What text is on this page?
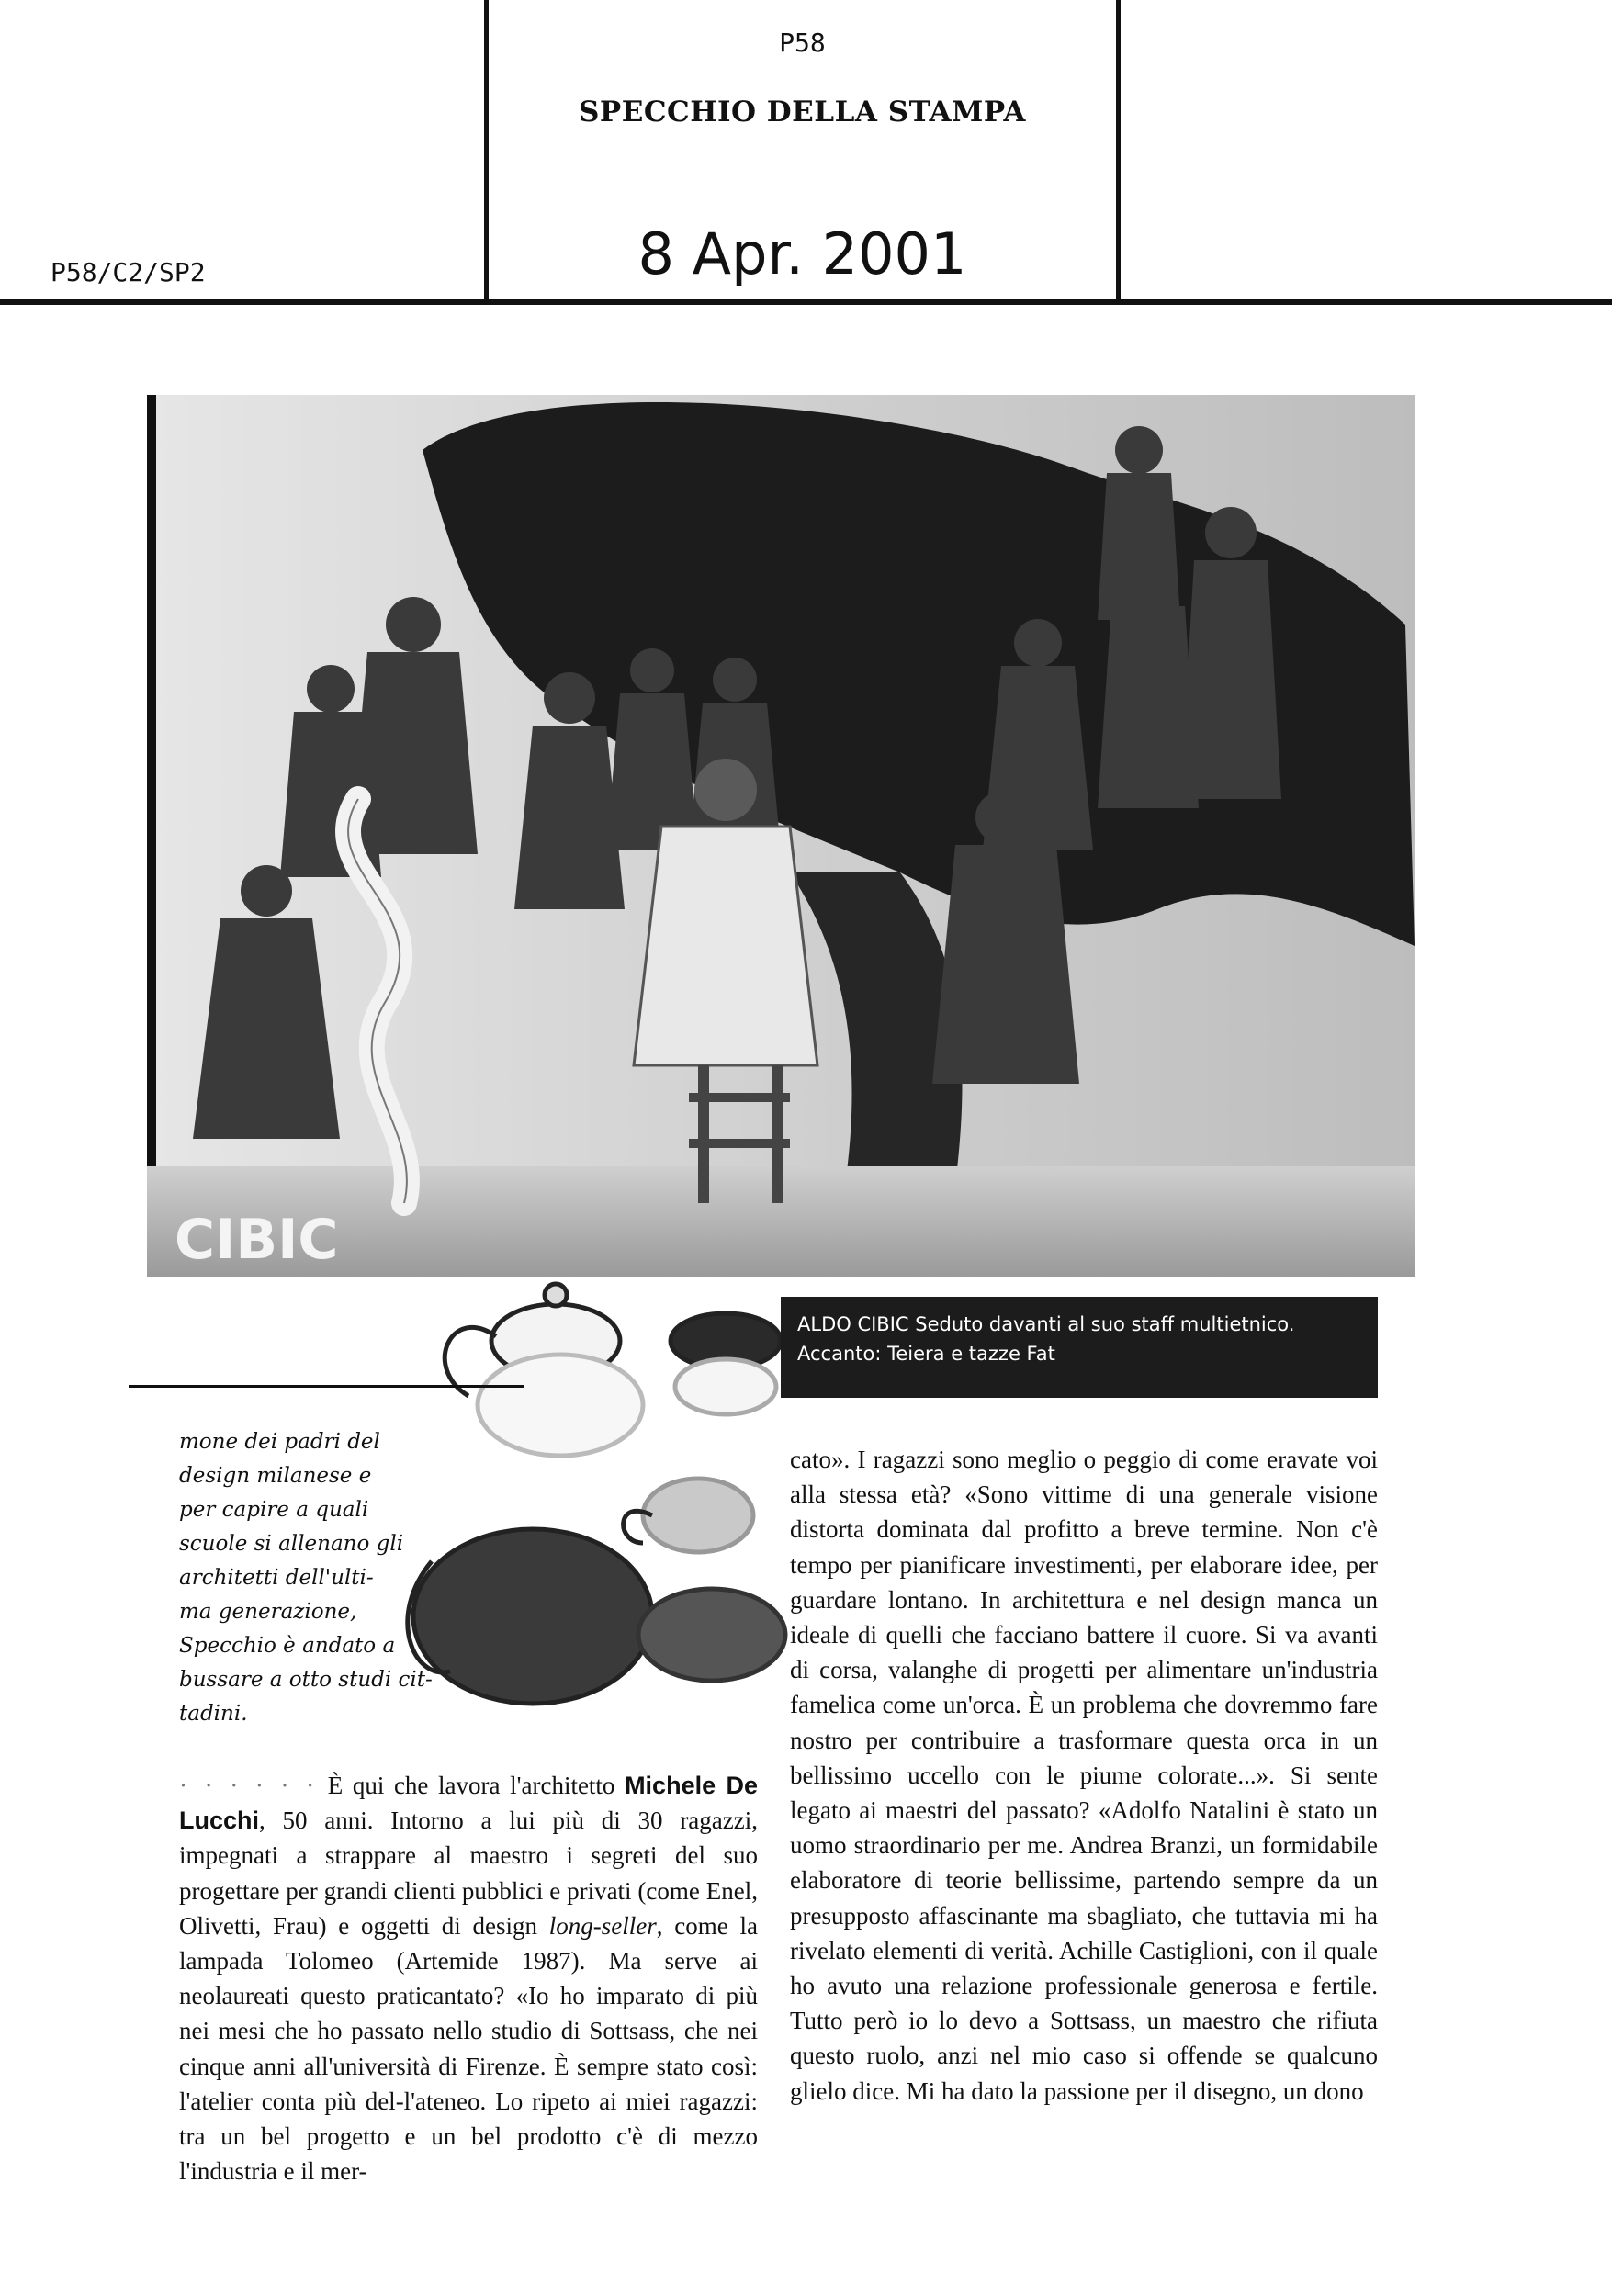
P58
SPECCHIO DELLA STAMPA
8 Apr. 2001
P58/C2/SP2
CIBIC
ALDO CIBIC Seduto davanti al suo staff multietnico.
Accanto: Teiera e tazze Fat
mone dei padri del
design milanese e
per capire a quali
scuole si allenano gli
architetti dell'ulti-
ma generazione,
Specchio è andato a
bussare a otto studi cit-
tadini.

· · · · · · È qui che lavora l'architetto Michele De Lucchi, 50 anni. Intorno a lui più di 30 ragazzi, impegnati a strappare al maestro i segreti del suo progettare per grandi clienti pubblici e privati (come Enel, Olivetti, Frau) e oggetti di design long-seller, come la lampada Tolomeo (Artemide 1987). Ma serve ai neolaureati questo praticantato? «Io ho imparato di più nei mesi che ho passato nello studio di Sottsass, che nei cinque anni all'università di Firenze. È sempre stato così: l'atelier conta più del-l'ateneo. Lo ripeto ai miei ragazzi: tra un bel progetto e un bel prodotto c'è di mezzo l'industria e il mer-

cato». I ragazzi sono meglio o peggio di come eravate voi alla stessa età? «Sono vittime di una generale visione distorta dominata dal profitto a breve termine. Non c'è tempo per pianificare investimenti, per elaborare idee, per guardare lontano. In architettura e nel design manca un ideale di quelli che facciano battere il cuore. Si va avanti di corsa, valanghe di progetti per alimentare un'industria famelica come un'orca. È un problema che dovremmo fare nostro per contribuire a trasformare questa orca in un bellissimo uccello con le piume colorate...». Si sente legato ai maestri del passato? «Adolfo Natalini è stato un uomo straordinario per me. Andrea Branzi, un formidabile elaboratore di teorie bellissime, partendo sempre da un presupposto affascinante ma sbagliato, che tuttavia mi ha rivelato elementi di verità. Achille Castiglioni, con il quale ho avuto una relazione professionale generosa e fertile. Tutto però io lo devo a Sottsass, un maestro che rifiuta questo ruolo, anzi nel mio caso si offende se qualcuno glielo dice. Mi ha dato la passione per il disegno, un dono
